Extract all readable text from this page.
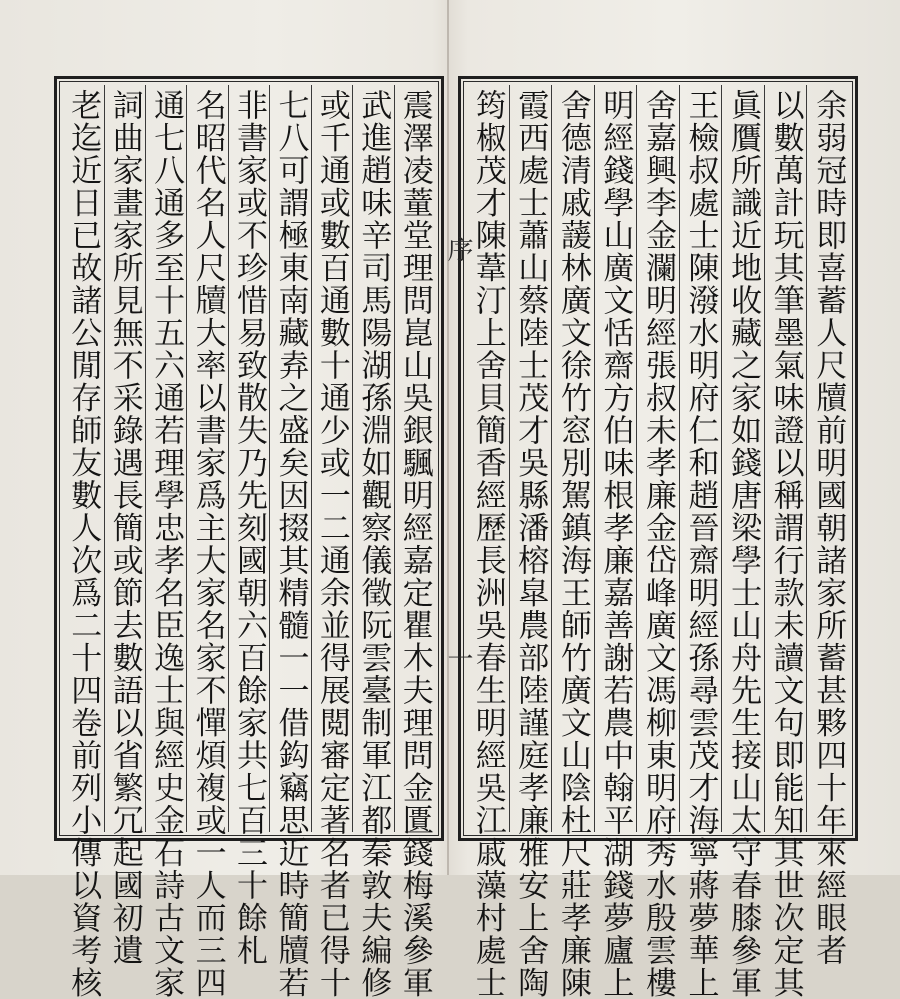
余弱冠時即喜蓄人尺牘前明
國朝諸家所蓄甚夥四十年來經眼者
以數萬計玩其筆墨氣味證以稱謂行款未讀文句即能知其世次定其
眞贋所識近地收藏之家如錢唐梁學士山舟先生接山太守春膝參軍
王檢叔處士陳潑水明府仁和趙晉齋明經孫尋雲茂才海寧蔣夢華上
舍嘉興李金瀾明經張叔未孝廉金岱峰廣文馮柳東明府秀水殷雲樓
明經錢學山廣文恬齋方伯味根孝廉嘉善謝若農中翰平湖錢夢廬上
舍德清戚蘐林廣文徐竹窓別駕鎮海王師竹廣文山陰杜尺莊孝廉陳
霞西處士蕭山蔡陸士茂才吳縣潘榕皐農部陸謹庭孝廉雅安上舍陶
筠椒茂才陳葦汀上舍貝簡香經歷長洲吳春生明經吳江戚藻村處士
震澤凌蕫堂理問崑山吳銀颿明經嘉定瞿木夫理問金匱錢梅溪參軍
武進趙味辛司馬陽湖孫淵如觀察儀徵阮雲臺制軍江都秦敦夫編修
或千通或數百通數十通少或一二通余並得展閲審定著名者已得十
七八可謂極東南藏弆之盛矣因掇其精髓一一借鈎竊思近時簡牘若
非書家或不珍惜易致散失乃先刻
國朝六百餘家共七百三十餘札
名昭代名人尺牘大率以書家爲主大家名家不憚煩複或一人而三四
通七八通多至十五六通若理學忠孝名臣逸士與經史金石詩古文家
詞曲家畫家所見無不采錄遇長簡或節去數語以省繁冗起
國初遺
老迄近日已故諸公閒存師友數人次爲二十四卷前列小傳以資考核	序
一
